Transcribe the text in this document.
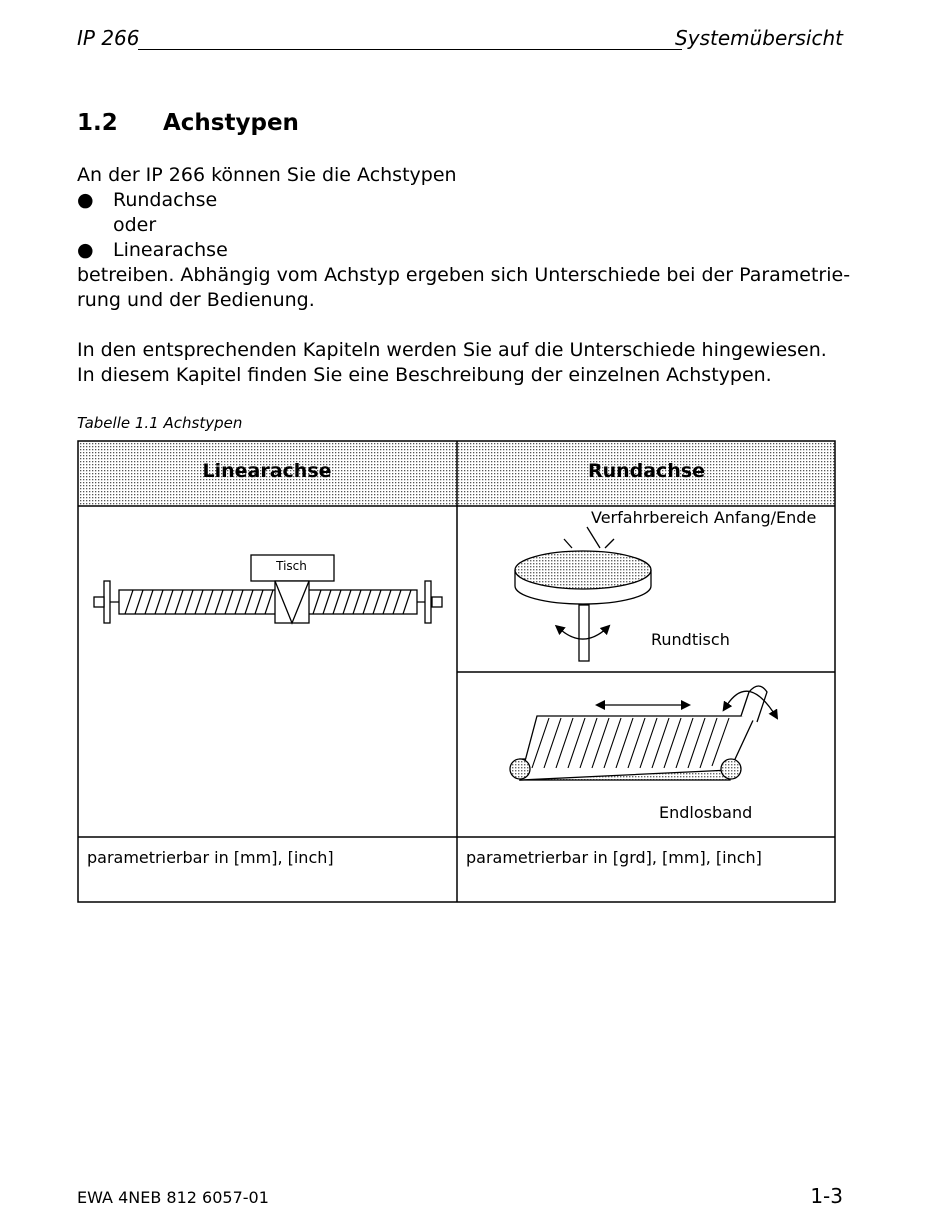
IP 266	Systemübersicht
1.2 Achstypen
An der IP 266 können Sie die Achstypen
● Rundachse
oder
● Linearachse
betreiben. Abhängig vom Achstyp ergeben sich Unterschiede bei der Parametrie-
rung und der Bedienung.
In den entsprechenden Kapiteln werden Sie auf die Unterschiede hingewiesen.
In diesem Kapitel finden Sie eine Beschreibung der einzelnen Achstypen.
Tabelle 1.1 Achstypen
Linearachse	Rundachse
Tisch
Verfahrbereich Anfang/Ende
Rundtisch
Endlosband
parametrierbar in [mm], [inch]	parametrierbar in [grd], [mm], [inch]
EWA 4NEB 812 6057-01	1-3
